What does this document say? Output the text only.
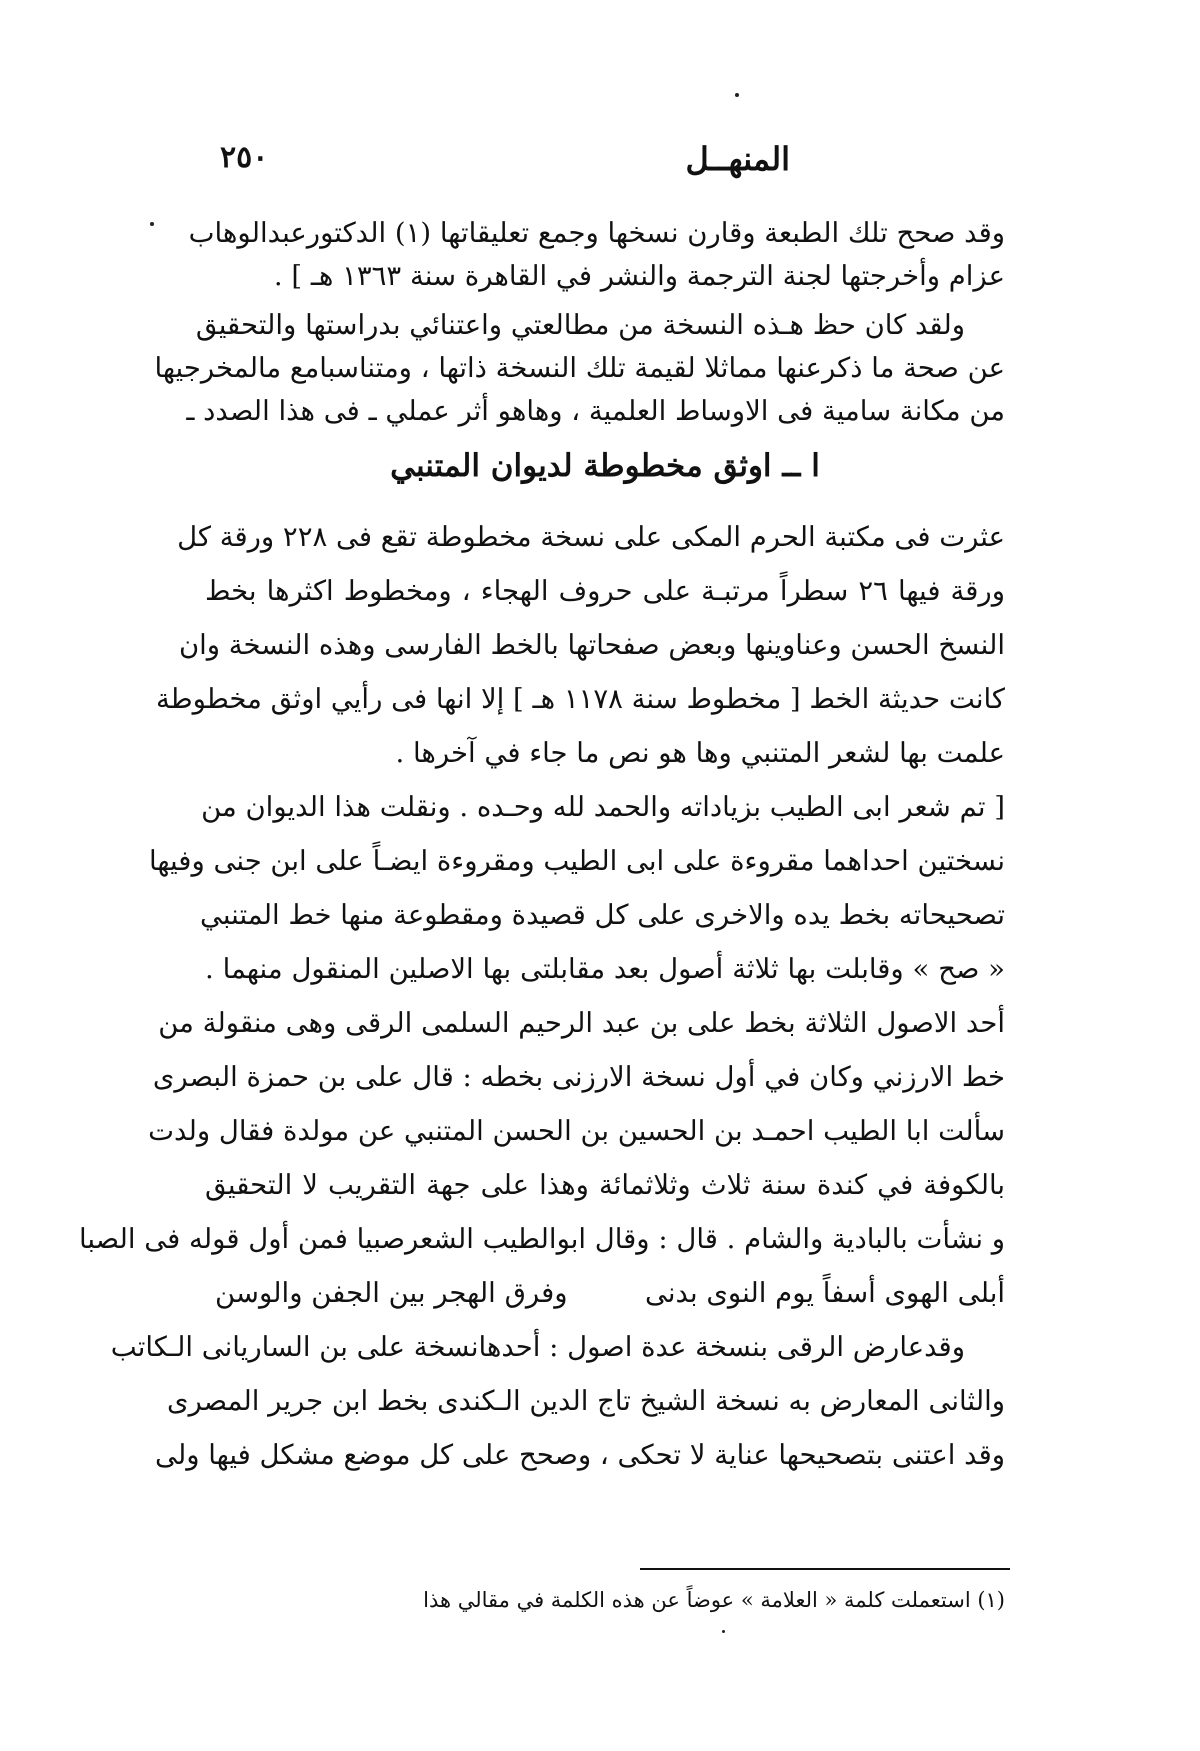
المنهــل
٢٥٠

وقد صحح تلك الطبعة وقارن نسخها وجمع تعليقاتها (١) الدكتورعبدالوهاب
عزام وأخرجتها لجنة الترجمة والنشر في القاهرة سنة ١٣٦٣ هـ ] .

ولقد كان حظ هـذه النسخة من مطالعتي واعتنائي بدراستها والتحقيق
عن صحة ما ذكرعنها مماثلا لقيمة تلك النسخة ذاتها ، ومتناسبامع مالمخرجيها
من مكانة سامية فى الاوساط العلمية ، وهاهو أثر عملي ـ فى هذا الصدد ـ

ا ــ اوثق مخطوطة لديوان المتنبي

عثرت فى مكتبة الحرم المكى على نسخة مخطوطة تقع فى ٢٢٨ ورقة كل
ورقة فيها ٢٦ سطراً مرتبـة على حروف الهجاء ، ومخطوط اكثرها بخط
النسخ الحسن وعناوينها وبعض صفحاتها بالخط الفارسى وهذه النسخة وان
كانت حديثة الخط [ مخطوط سنة ١١٧٨ هـ ] إلا انها فى رأيي اوثق مخطوطة
علمت بها لشعر المتنبي وها هو نص ما جاء في آخرها .

[ تم شعر ابى الطيب بزياداته والحمد لله وحـده . ونقلت هذا الديوان من
نسختين احداهما مقروءة على ابى الطيب ومقروءة ايضـاً على ابن جنى وفيها
تصحيحاته بخط يده والاخرى على كل قصيدة ومقطوعة منها خط المتنبي
« صح » وقابلت بها ثلاثة أصول بعد مقابلتى بها الاصلين المنقول منهما .
أحد الاصول الثلاثة بخط على بن عبد الرحيم السلمى الرقى وهى منقولة من
خط الارزني وكان في أول نسخة الارزنى بخطه : قال على بن حمزة البصرى
سألت ابا الطيب احمـد بن الحسين بن الحسن المتنبي عن مولدة فقال ولدت
بالكوفة في كندة سنة ثلاث وثلاثمائة وهذا على جهة التقريب لا التحقيق
و نشأت بالبادية والشام . قال : وقال ابوالطيب الشعرصبيا فمن أول قوله فى الصبا

أبلى الهوى أسفاً يوم النوى بدنى
وفرق الهجر بين الجفن والوسن

وقدعارض الرقى بنسخة عدة اصول : أحدهانسخة على بن الساريانى الـكاتب
والثانى المعارض به نسخة الشيخ تاج الدين الـكندى بخط ابن جرير المصرى
وقد اعتنى بتصحيحها عناية لا تحكى ، وصحح على كل موضع مشكل فيها ولى

(١) استعملت كلمة « العلامة » عوضاً عن هذه الكلمة في مقالي هذا
